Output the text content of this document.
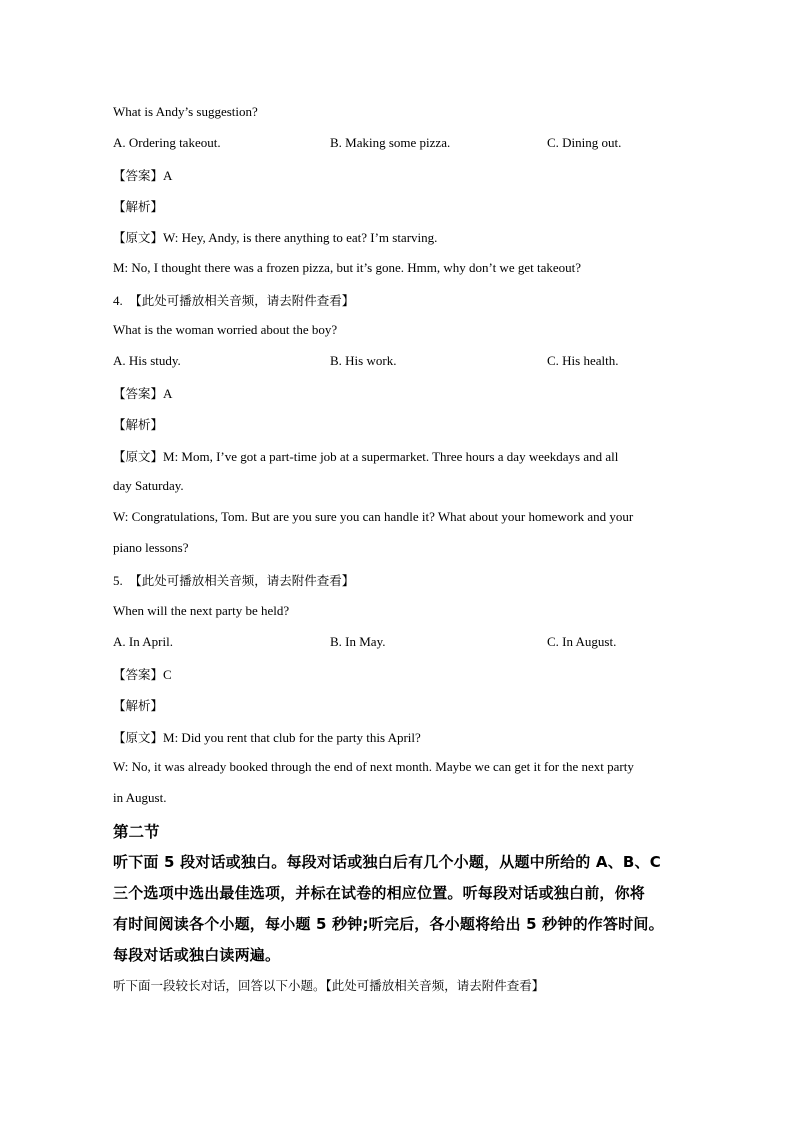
What is Andy’s suggestion?
A. Ordering takeout.	B. Making some pizza.	C. Dining out.
【答案】A
【解析】
【原文】W: Hey, Andy, is there anything to eat? I’m starving.
M: No, I thought there was a frozen pizza, but it’s gone. Hmm, why don’t we get takeout?
4. 【此处可播放相关音频，请去附件查看】
What is the woman worried about the boy?
A. His study.	B. His work.	C. His health.
【答案】A
【解析】
【原文】M: Mom, I’ve got a part-time job at a supermarket. Three hours a day weekdays and all
day Saturday.
W: Congratulations, Tom. But are you sure you can handle it? What about your homework and your
piano lessons?
5. 【此处可播放相关音频，请去附件查看】
When will the next party be held?
A. In April.	B. In May.	C. In August.
【答案】C
【解析】
【原文】M: Did you rent that club for the party this April?
W: No, it was already booked through the end of next month. Maybe we can get it for the next party
in August.
第二节
听下面 5 段对话或独白。每段对话或独白后有几个小题，从题中所给的 A、B、C
三个选项中选出最佳选项，并标在试卷的相应位置。听每段对话或独白前，你将
有时间阅读各个小题，每小题 5 秒钟;听完后，各小题将给出 5 秒钟的作答时间。
每段对话或独白读两遍。
听下面一段较长对话，回答以下小题。【此处可播放相关音频，请去附件查看】
